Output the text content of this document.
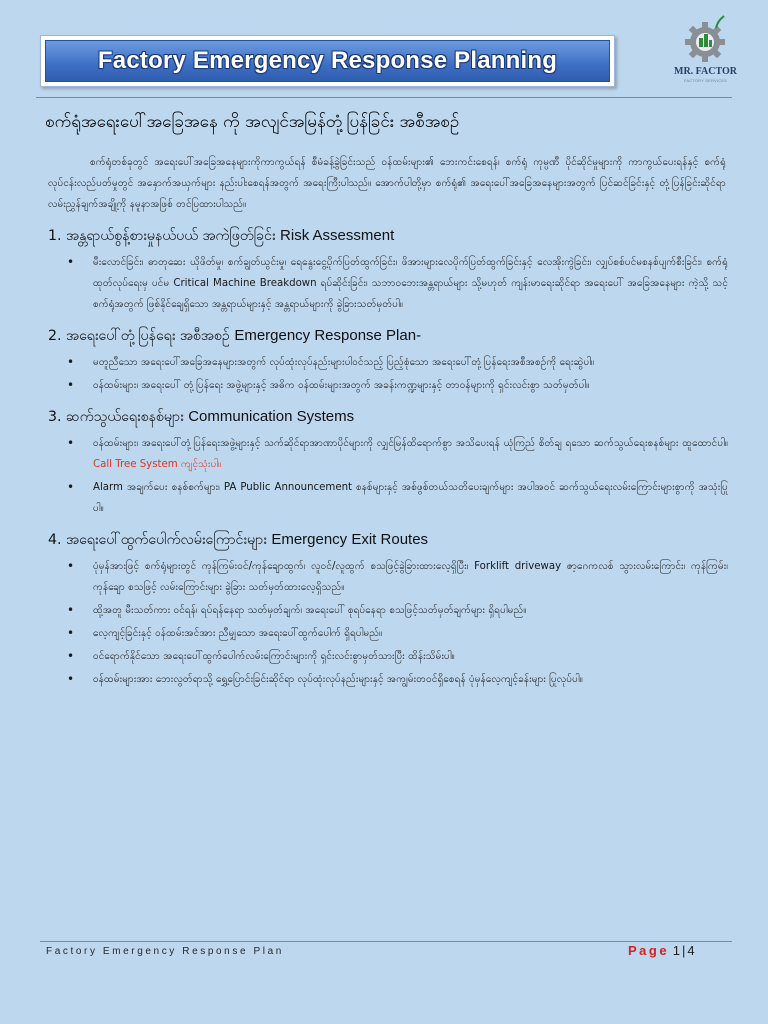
Factory Emergency Response Planning	MR. FACTOR
FACTORY SERVICES
စက်ရုံအရေးပေါ်အခြေအနေ ကို အလျင်အမြန်တုံ့ပြန်ခြင်း အစီအစဉ်

စက်ရုံတစ်ခုတွင် အရေးပေါ်အခြေအနေများကိုကာကွယ်ရန် စီမံခန့်ခွဲခြင်းသည် ဝန်ထမ်းများ၏ ဘေးကင်းစေရန်၊ စက်ရုံ ကုမ္ပဏီ ပိုင်ဆိုင်မှုများကို ကာကွယ်ပေးရန်နှင့် စက်ရုံလုပ်ငန်းလည်ပတ်မှုတွင် အနှောက်အယှက်များ နည်းပါးစေရန်အတွက် အရေးကြီးပါသည်။ အောက်ပါတို့မှာ စက်ရုံ၏ အရေးပေါ်အခြေအနေများအတွက် ပြင်ဆင်ခြင်းနှင့် တုံ့ပြန်ခြင်းဆိုင်ရာ လမ်းညွှန်ချက်အချို့ကို နမူနာအဖြစ် တင်ပြထားပါသည်။

1. အန္တရာယ်စွန့်စားမှုနယ်ပယ် အကဲဖြတ်ခြင်း Risk Assessment
• မီးလောင်ခြင်း၊ ဓာတုဆေး ယိုဖိတ်မှု၊ စက်ချွတ်ယွင်းမှု၊ ရေနွေးငွေ့ပိုက်ပြတ်ထွက်ခြင်း၊ ဖိအားများလေပိုက်ပြတ်ထွက်ခြင်းနှင့် လေအိုးကွဲခြင်း၊ လျှပ်စစ်ပင်မစနစ်ပျက်စီးခြင်း၊ စက်ရုံထုတ်လုပ်ရေးမှ ပင်မ Critical Machine Breakdown ရပ်ဆိုင်းခြင်း၊ သဘာဝဘေးအန္တရာယ်များ သို့မဟုတ် ကျန်းမာရေးဆိုင်ရာ အရေးပေါ် အခြေအနေများ ကဲ့သို့ သင့်စက်ရုံအတွက် ဖြစ်နိုင်ချေရှိသော အန္တရာယ်များနှင့် အန္တရာယ်များကို ခွဲခြားသတ်မှတ်ပါ။
2. အရေးပေါ်တုံ့ပြန်ရေး အစီအစဉ် Emergency Response Plan-
• မတူညီသော အရေးပေါ်အခြေအနေများအတွက် လုပ်ထုံးလုပ်နည်းများပါဝင်သည့် ပြည့်စုံသော အရေးပေါ်တုံ့ပြန်ရေးအစီအစဉ်ကို ရေးဆွဲပါ။
• ဝန်ထမ်းများ၊ အရေးပေါ် တုံ့ပြန်ရေး အဖွဲ့များနှင့် အဓိက ဝန်ထမ်းများအတွက် အခန်းကဏ္ဍများနှင့် တာဝန်များကို ရှင်းလင်းစွာ သတ်မှတ်ပါ။
3. ဆက်သွယ်ရေးစနစ်များ Communication Systems
• ဝန်ထမ်းများ၊ အရေးပေါ်တုံ့ပြန်ရေးအဖွဲ့များနှင့် သက်ဆိုင်ရာအာဏာပိုင်များကို လျှင်မြန်ထိရောက်စွာ အသိပေးရန် ယုံကြည် စိတ်ချ ရသော ဆက်သွယ်ရေးစနစ်များ ထူထောင်ပါ။ Call Tree System ကျင့်သုံးပါ။
• Alarm အချက်ပေး စနစ်စက်များ၊ PA Public Announcement စနစ်များနှင့် အစ်ဖွစ်တယ်သတိပေးချက်များ အပါအဝင် ဆက်သွယ်ရေးလမ်းကြောင်းများစွာကို အသုံးပြုပါ။
4. အရေးပေါ်ထွက်ပေါက်လမ်းကြောင်းများ Emergency Exit Routes
• ပုံမှန်အားဖြင့် စက်ရုံများတွင် ကုန်ကြမ်းဝင်/ကုန်ချောထွက်၊ လူဝင်/လူထွက် စသဖြင့်ခွဲခြားထားလေ့ရှိပြီး၊ Forklift driveway ဇာ့ဂေကလစ် သွားလမ်းကြောင်း၊ ကုန်ကြမ်း၊ ကုန်ချော စသဖြင့် လမ်းကြောင်းများ ခွဲခြား သတ်မှတ်ထားလေ့ရှိသည်။
• ထို့အတူ မီးသတ်ကား ဝင်ရန်၊ ရပ်ရန်နေရာ သတ်မှတ်ချက်၊ အရေးပေါ် စုရပ်နေရာ စသဖြင့်သတ်မှတ်ချက်များ ရှိရပါမည်။
• လေ့ကျင့်ခြင်းနှင့် ဝန်ထမ်းအင်အား ညီမျှသော အရေးပေါ်ထွက်ပေါက် ရှိရပါမည်။
• ဝင်ရောက်နိုင်သော အရေးပေါ်ထွက်ပေါက်လမ်းကြောင်းများကို ရှင်းလင်းစွာမှတ်သားပြီး ထိန်းသိမ်းပါ။
• ဝန်ထမ်းများအား ဘေးလွတ်ရာသို့ ရွှေ့ပြောင်းခြင်းဆိုင်ရာ လုပ်ထုံးလုပ်နည်းများနှင့် အကျွမ်းတဝင်ရှိစေရန် ပုံမှန်လေ့ကျင့်ခန်းများ ပြုလုပ်ပါ။
Factory Emergency Response Plan	Page 1 | 4
